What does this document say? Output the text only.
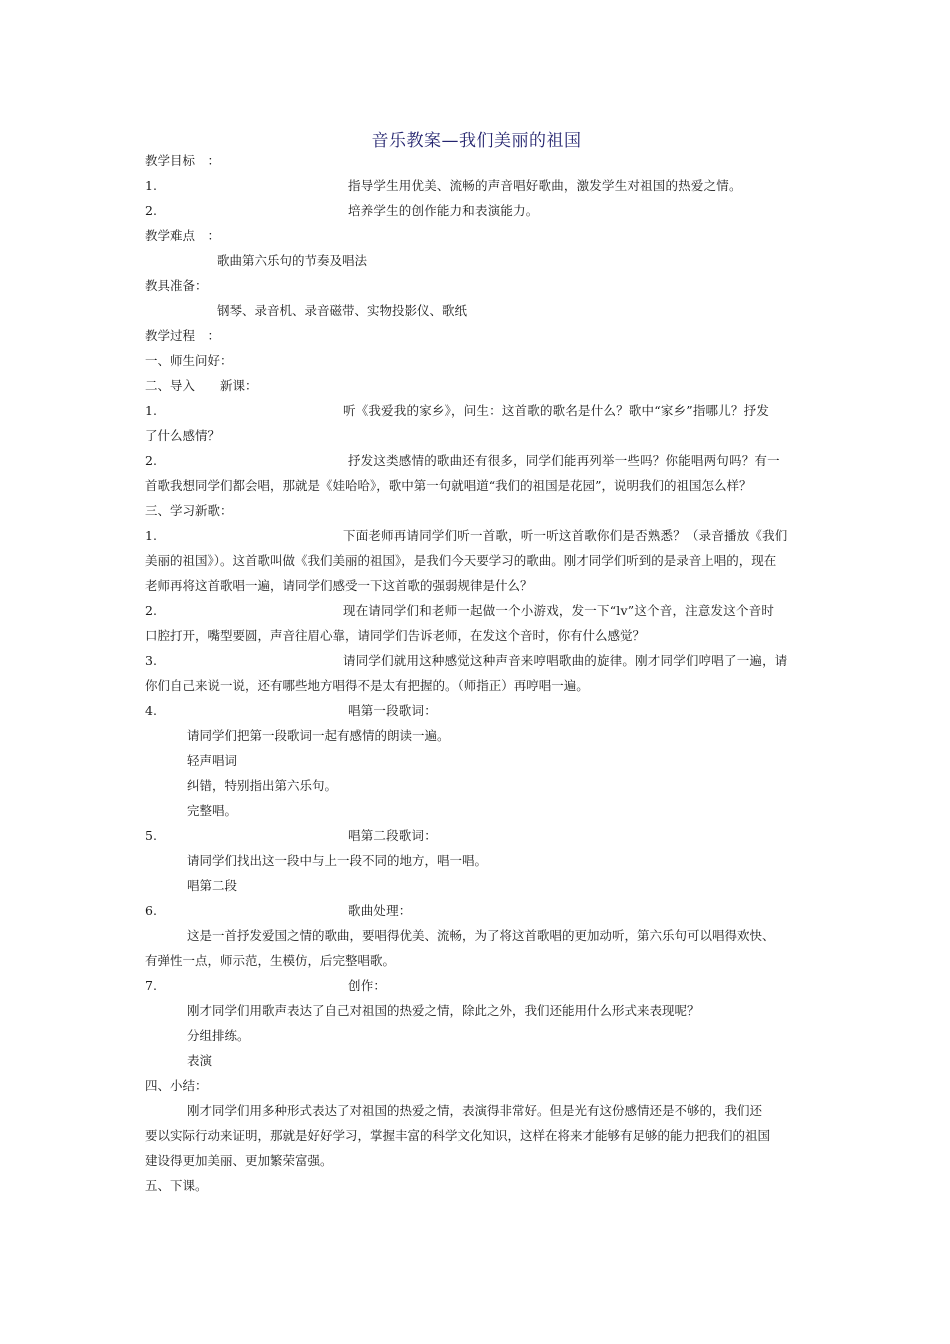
音乐教案—我们美丽的祖国
教学目标　：
1.	指导学生用优美、流畅的声音唱好歌曲，激发学生对祖国的热爱之情。
2.	培养学生的创作能力和表演能力。
教学难点　：
歌曲第六乐句的节奏及唱法
教具准备：
钢琴、录音机、录音磁带、实物投影仪、歌纸
教学过程　：
一、师生问好：
二、导入　　新课：
1.	听《我爱我的家乡》，问生：这首歌的歌名是什么？歌中“家乡”指哪儿？抒发
了什么感情？
2.	抒发这类感情的歌曲还有很多，同学们能再列举一些吗？你能唱两句吗？有一
首歌我想同学们都会唱，那就是《娃哈哈》，歌中第一句就唱道“我们的祖国是花园”，说明我们的祖国怎么样？
三、学习新歌：
1.	下面老师再请同学们听一首歌，听一听这首歌你们是否熟悉？（录音播放《我们
美丽的祖国》）。这首歌叫做《我们美丽的祖国》，是我们今天要学习的歌曲。刚才同学们听到的是录音上唱的，现在
老师再将这首歌唱一遍，请同学们感受一下这首歌的强弱规律是什么？
2.	现在请同学们和老师一起做一个小游戏，发一下“lv”这个音，注意发这个音时
口腔打开，嘴型要圆，声音往眉心靠，请同学们告诉老师，在发这个音时，你有什么感觉？
3.	请同学们就用这种感觉这种声音来哼唱歌曲的旋律。刚才同学们哼唱了一遍，请
你们自己来说一说，还有哪些地方唱得不是太有把握的。（师指正）再哼唱一遍。
4.	唱第一段歌词：
请同学们把第一段歌词一起有感情的朗读一遍。
轻声唱词
纠错，特别指出第六乐句。
完整唱。
5.	唱第二段歌词：
请同学们找出这一段中与上一段不同的地方，唱一唱。
唱第二段
6.	歌曲处理：
这是一首抒发爱国之情的歌曲，要唱得优美、流畅，为了将这首歌唱的更加动听，第六乐句可以唱得欢快、
有弹性一点，师示范，生模仿，后完整唱歌。
7.	创作：
刚才同学们用歌声表达了自己对祖国的热爱之情，除此之外，我们还能用什么形式来表现呢？
分组排练。
表演
四、小结：
刚才同学们用多种形式表达了对祖国的热爱之情，表演得非常好。但是光有这份感情还是不够的，我们还
要以实际行动来证明，那就是好好学习，掌握丰富的科学文化知识，这样在将来才能够有足够的能力把我们的祖国
建设得更加美丽、更加繁荣富强。
五、下课。
